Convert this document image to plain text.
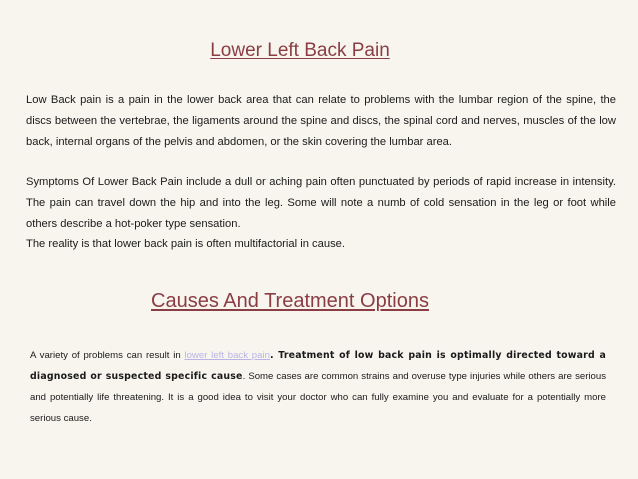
Lower Left Back Pain

Low Back pain is a pain in the lower back area that can relate to problems with the lumbar region of the spine, the discs between the vertebrae, the ligaments around the spine and discs, the spinal cord and nerves, muscles of the low back, internal organs of the pelvis and abdomen, or the skin covering the lumbar area.

Symptoms Of Lower Back Pain include a dull or aching pain often punctuated by periods of rapid increase in intensity. The pain can travel down the hip and into the leg. Some will note a numb of cold sensation in the leg or foot while others describe a hot-poker type sensation.

The reality is that lower back pain is often multifactorial in cause.

Causes And Treatment Options

A variety of problems can result in lower left back pain. Treatment of low back pain is optimally directed toward a diagnosed or suspected specific cause. Some cases are common strains and overuse type injuries while others are serious and potentially life threatening. It is a good idea to visit your doctor who can fully examine you and evaluate for a potentially more serious cause.
